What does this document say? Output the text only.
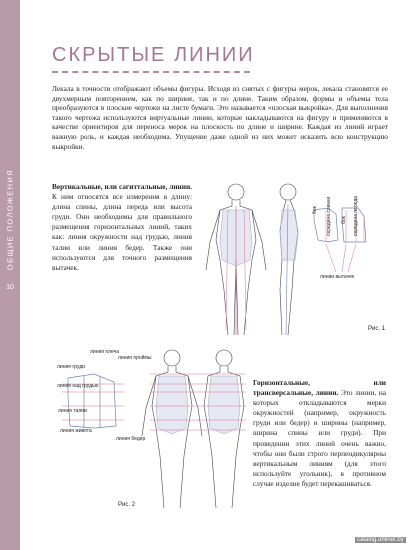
ОБЩИЕ ПОЛОЖЕНИЯ
10
СКРЫТЫЕ ЛИНИИ
Лекала в точности отображают объемы фигуры. Исходя из снятых с фигуры мерок, лекала становятся ее двухмерным повторением, как по ширине, так и по длине. Таким образом, формы и объемы тела преобразуются в плоские чертежи на листе бумаги. Это называется «плоская выкройка». Для выполнения такого чертежа используются виртуальные линии, которые накладываются на фигуру и применяются в качестве ориентиров для переноса мерок на плоскость по длине и ширине. Каждая из линий играет важную роль, и каждая необходима. Упущение даже одной из них может исказить всю конструкцию выкройки.
Вертикальные, или сагиттальные, линии. К ним относятся все измерения в длину: длина спины, длина переда или высота груди. Они необходимы для правильного размещения горизонтальных линий, таких как: линия окружности над грудью, линия талии или линия бедер. Также они используются для точного размещения вытачек.
Горизонтальные, или трансверсальные, линии. Это линии, на которых откладываются мерки окружностей (например, окружность груди или бедер) и ширины (например, ширина спины или груди). При проведении этих линий очень важно, чтобы они были строго перпендикулярны вертикальным линиям (для этого используйте угольник), в противном случае изделие будет перекашиваться.
бок середина спинки бок середина переда
линии вытачек
Рис. 1
линия плеча
линия проймы
линия груди
линия над грудью
линия талии
линия живота
линия бедер
Рис. 2
catalog.onliner.by
